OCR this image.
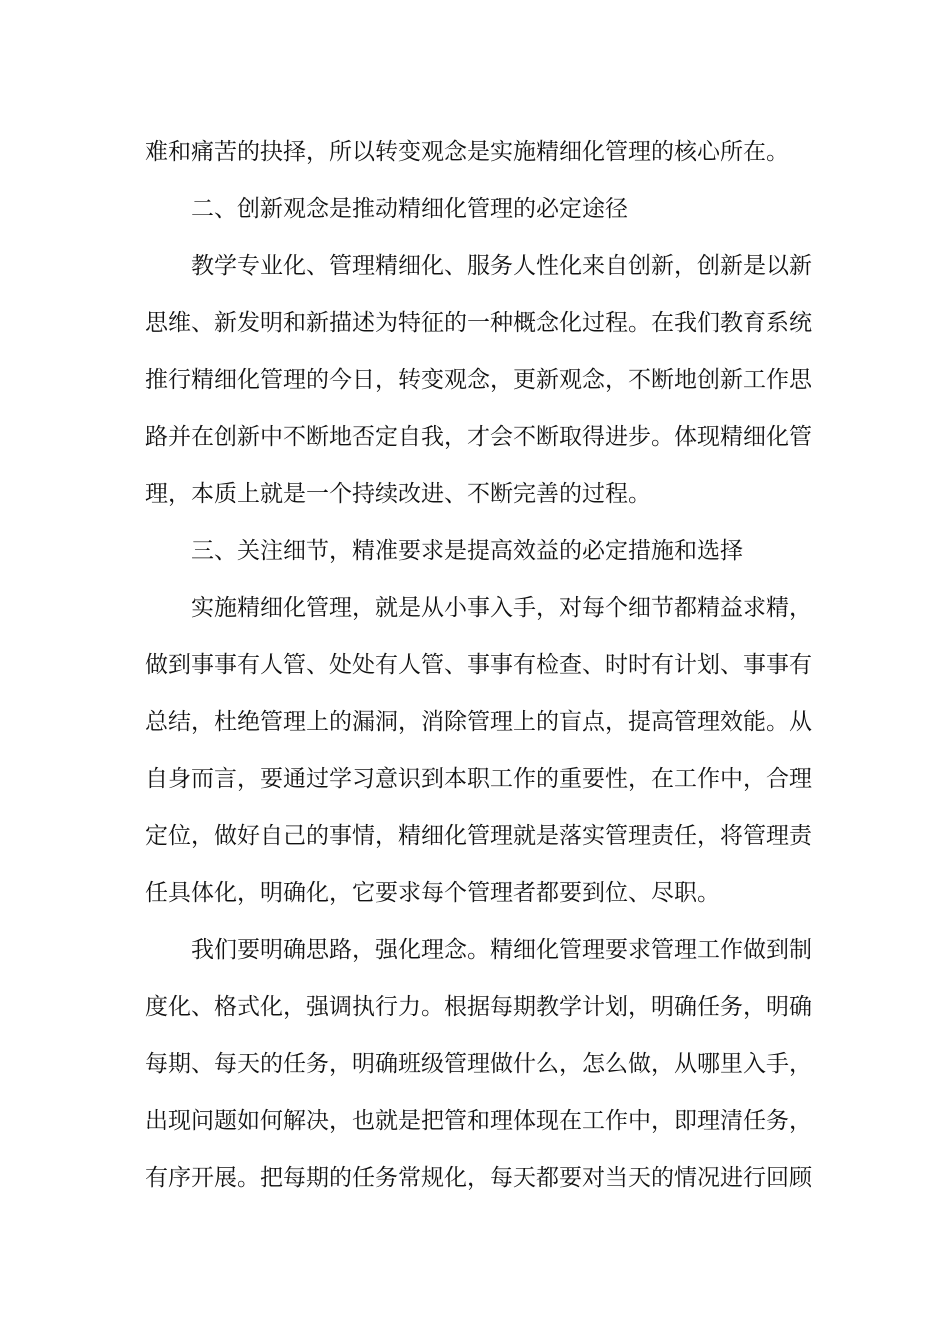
难和痛苦的抉择，所以转变观念是实施精细化管理的核心所在。
二、创新观念是推动精细化管理的必定途径
教学专业化、管理精细化、服务人性化来自创新，创新是以新
思维、新发明和新描述为特征的一种概念化过程。在我们教育系统
推行精细化管理的今日，转变观念，更新观念，不断地创新工作思
路并在创新中不断地否定自我，才会不断取得进步。体现精细化管
理，本质上就是一个持续改进、不断完善的过程。
三、关注细节，精准要求是提高效益的必定措施和选择
实施精细化管理，就是从小事入手，对每个细节都精益求精，
做到事事有人管、处处有人管、事事有检查、时时有计划、事事有
总结，杜绝管理上的漏洞，消除管理上的盲点，提高管理效能。从
自身而言，要通过学习意识到本职工作的重要性，在工作中，合理
定位，做好自己的事情，精细化管理就是落实管理责任，将管理责
任具体化，明确化，它要求每个管理者都要到位、尽职。
我们要明确思路，强化理念。精细化管理要求管理工作做到制
度化、格式化，强调执行力。根据每期教学计划，明确任务，明确
每期、每天的任务，明确班级管理做什么，怎么做，从哪里入手，
出现问题如何解决，也就是把管和理体现在工作中，即理清任务，
有序开展。把每期的任务常规化，每天都要对当天的情况进行回顾
